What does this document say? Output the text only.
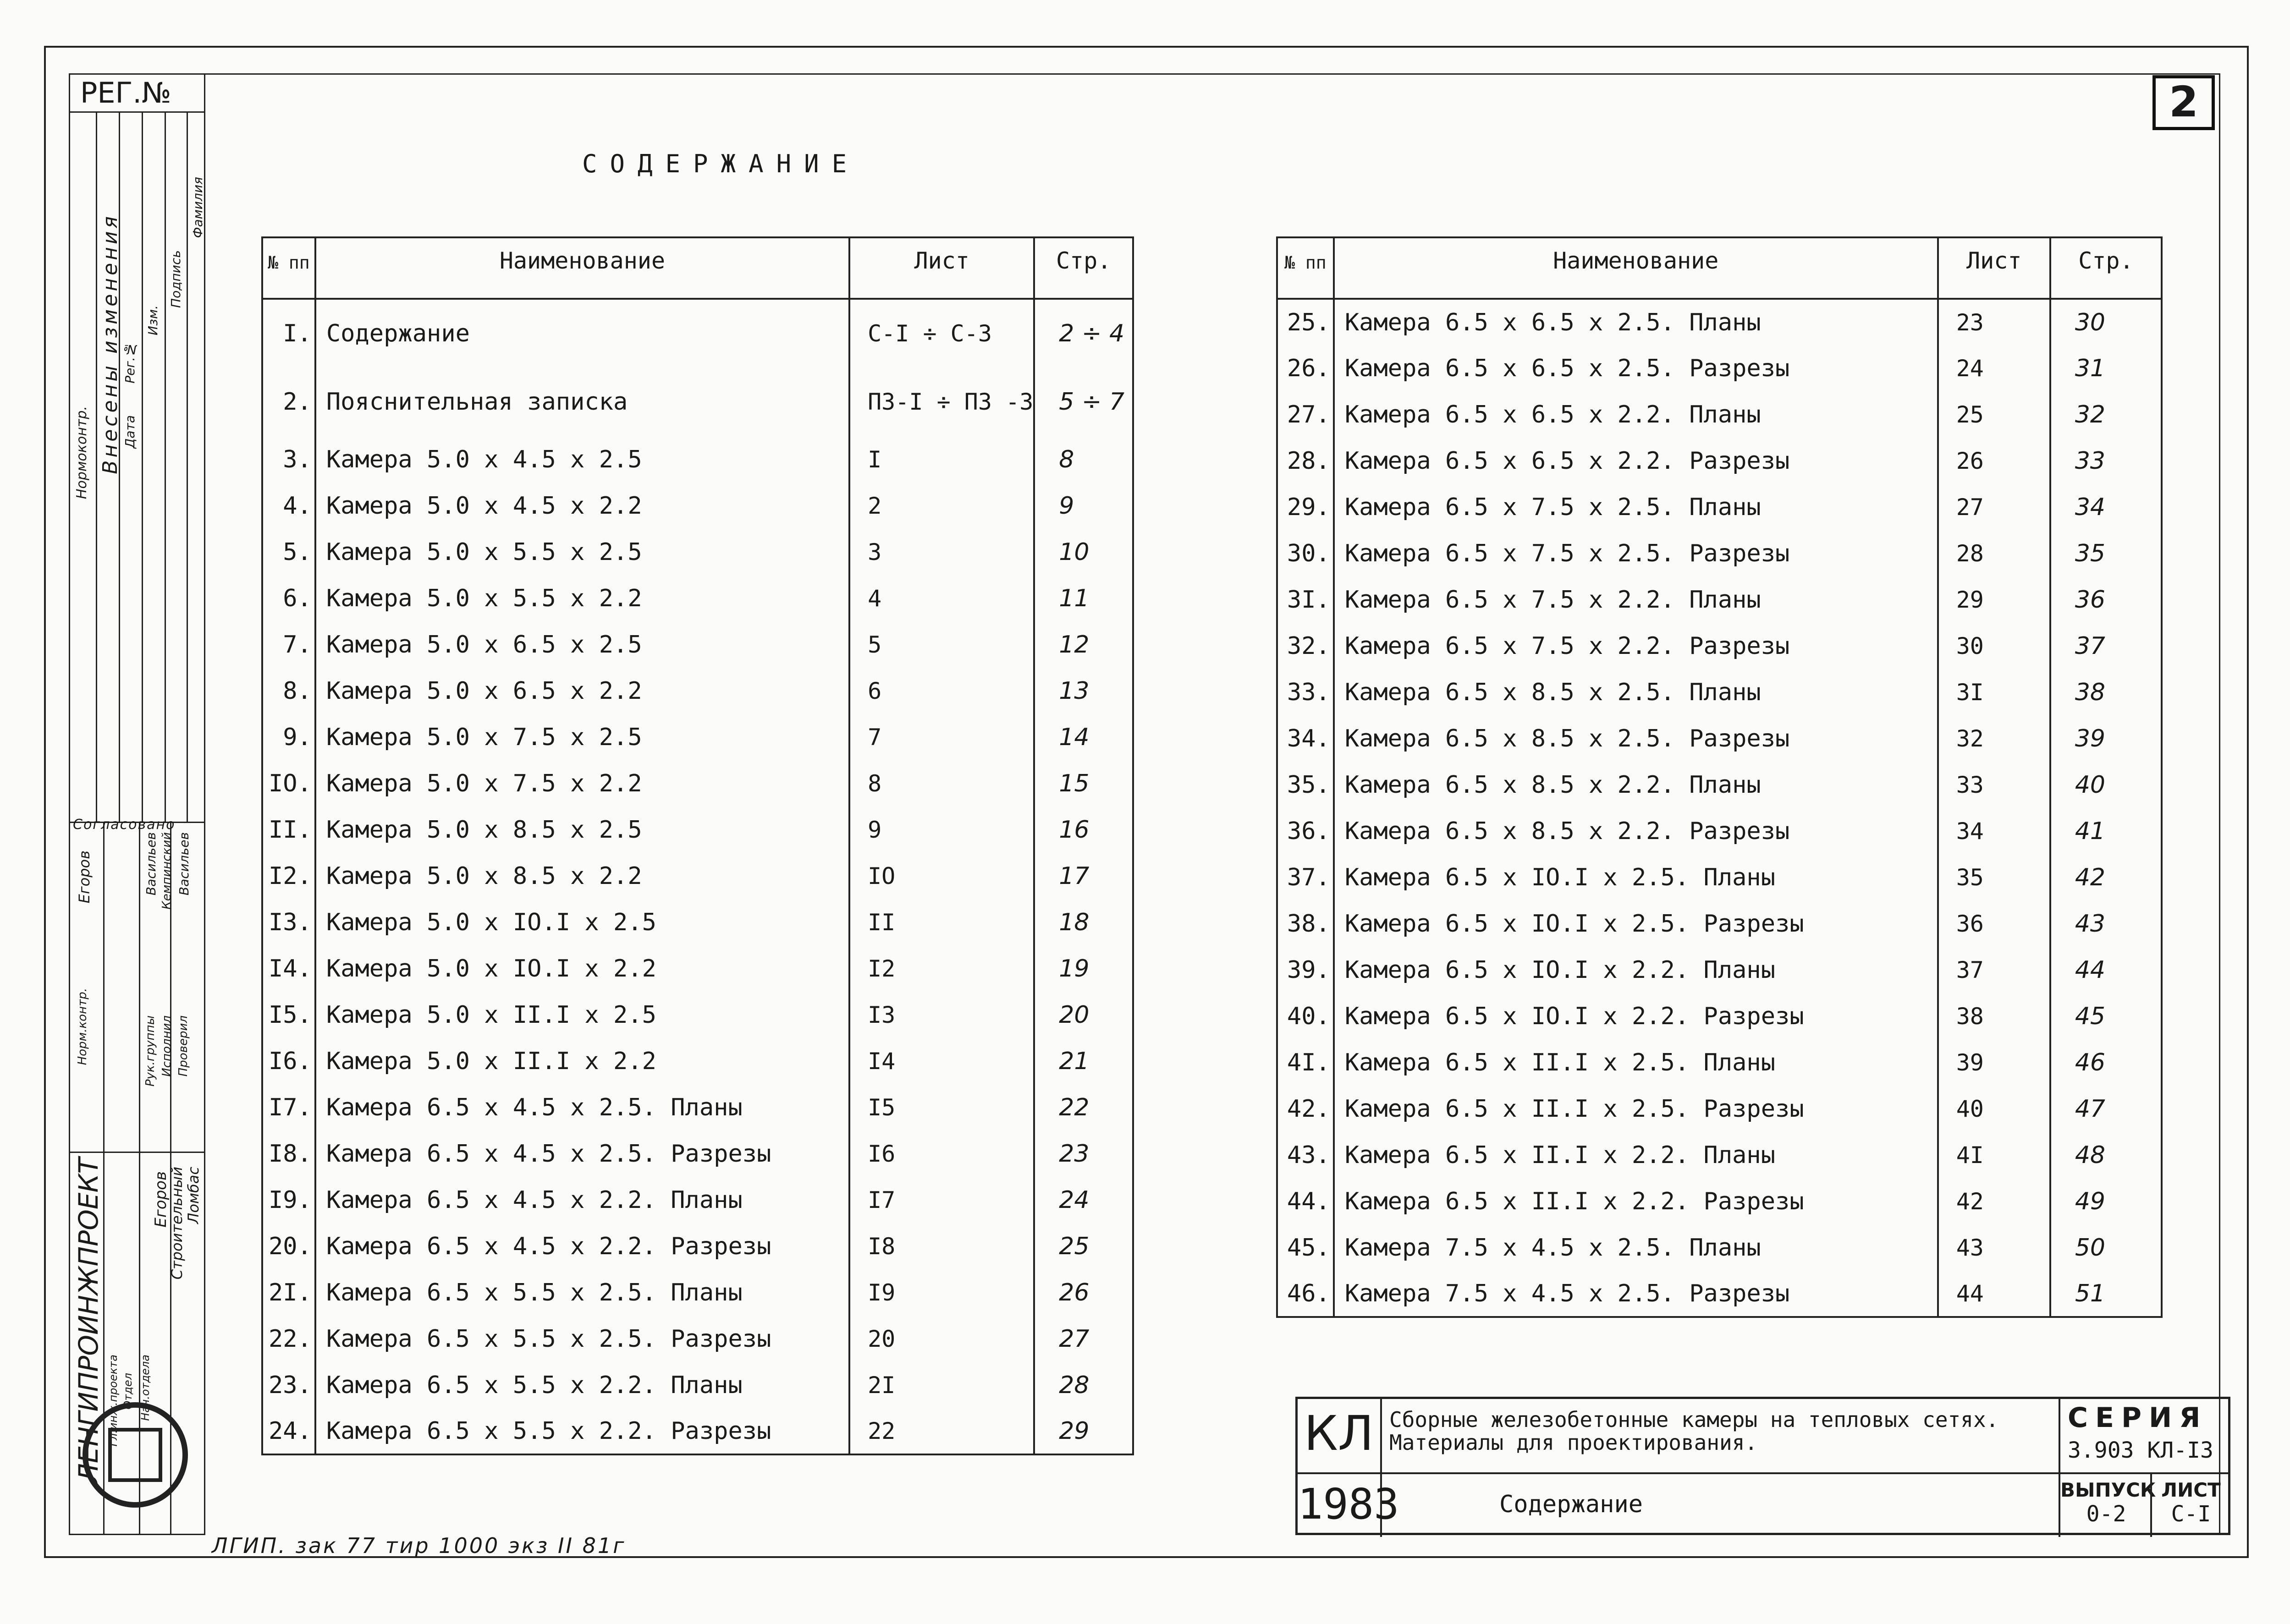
2
СОДЕРЖАНИЕ
РЕГ.№
Нормоконтр. Внесены изменения Дата
Рег.№
Изм.
Подпись
Фамилия
Егоров
Норм.контр.
Васильев
Рук.группы
Кемпинский
Исполнил
Васильев
Проверил
Согласовано
ЛЕНГИПРОИНЖПРОЕКТ Гл.инж.проекта Отдел Нач.отдела
Егоров
Строительный
Ломбас
№ пп	Наименование	Лист	Стр.
I.	Содержание	С-I ÷ С-3	2 ÷ 4
2.	Пояснительная записка	ПЗ-I ÷ ПЗ -3	5 ÷ 7
3.	Камера 5.0 х 4.5 х 2.5	I	8
4.	Камера 5.0 х 4.5 х 2.2	2	9
5.	Камера 5.0 х 5.5 х 2.5	3	10
6.	Камера 5.0 х 5.5 х 2.2	4	11
7.	Камера 5.0 х 6.5 х 2.5	5	12
8.	Камера 5.0 х 6.5 х 2.2	6	13
9.	Камера 5.0 х 7.5 х 2.5	7	14
IO.	Камера 5.0 х 7.5 х 2.2	8	15
II.	Камера 5.0 х 8.5 х 2.5	9	16
I2.	Камера 5.0 х 8.5 х 2.2	IO	17
I3.	Камера 5.0 х IO.I х 2.5	II	18
I4.	Камера 5.0 х IO.I х 2.2	I2	19
I5.	Камера 5.0 х II.I х 2.5	I3	20
I6.	Камера 5.0 х II.I х 2.2	I4	21
I7.	Камера 6.5 х 4.5 х 2.5. Планы	I5	22
I8.	Камера 6.5 х 4.5 х 2.5. Разрезы	I6	23
I9.	Камера 6.5 х 4.5 х 2.2. Планы	I7	24
20.	Камера 6.5 х 4.5 х 2.2. Разрезы	I8	25
2I.	Камера 6.5 х 5.5 х 2.5. Планы	I9	26
22.	Камера 6.5 х 5.5 х 2.5. Разрезы	20	27
23.	Камера 6.5 х 5.5 х 2.2. Планы	2I	28
24.	Камера 6.5 х 5.5 х 2.2. Разрезы	22	29
№ пп	Наименование	Лист	Стр.
25.	Камера 6.5 х 6.5 х 2.5. Планы	23	30
26.	Камера 6.5 х 6.5 х 2.5. Разрезы	24	31
27.	Камера 6.5 х 6.5 х 2.2. Планы	25	32
28.	Камера 6.5 х 6.5 х 2.2. Разрезы	26	33
29.	Камера 6.5 х 7.5 х 2.5. Планы	27	34
30.	Камера 6.5 х 7.5 х 2.5. Разрезы	28	35
3I.	Камера 6.5 х 7.5 х 2.2. Планы	29	36
32.	Камера 6.5 х 7.5 х 2.2. Разрезы	30	37
33.	Камера 6.5 х 8.5 х 2.5. Планы	3I	38
34.	Камера 6.5 х 8.5 х 2.5. Разрезы	32	39
35.	Камера 6.5 х 8.5 х 2.2. Планы	33	40
36.	Камера 6.5 х 8.5 х 2.2. Разрезы	34	41
37.	Камера 6.5 х IO.I х 2.5. Планы	35	42
38.	Камера 6.5 х IO.I х 2.5. Разрезы	36	43
39.	Камера 6.5 х IO.I х 2.2. Планы	37	44
40.	Камера 6.5 х IO.I х 2.2. Разрезы	38	45
4I.	Камера 6.5 х II.I х 2.5. Планы	39	46
42.	Камера 6.5 х II.I х 2.5. Разрезы	40	47
43.	Камера 6.5 х II.I х 2.2. Планы	4I	48
44.	Камера 6.5 х II.I х 2.2. Разрезы	42	49
45.	Камера 7.5 х 4.5 х 2.5. Планы	43	50
46.	Камера 7.5 х 4.5 х 2.5. Разрезы	44	51
КЛ
1983
Сборные железобетонные камеры на тепловых сетях. Материалы для проектирования.
Содержание
СЕРИЯ
3.903 КЛ-I3
ВЫПУСК
0-2
ЛИСТ
С-I
ЛГИП. зак 77 тир 1000 экз II 81г
